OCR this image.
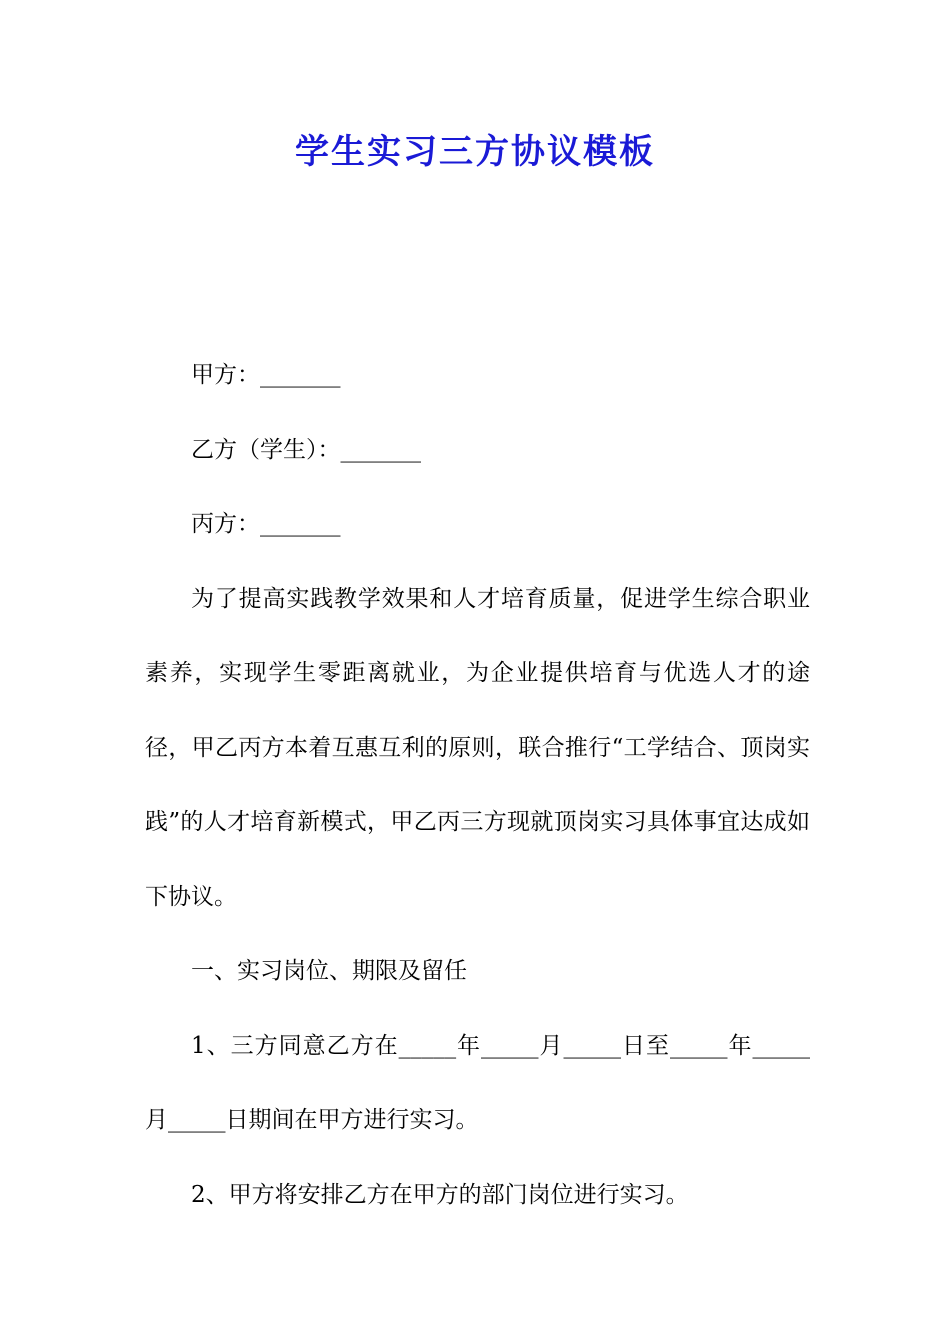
学生实习三方协议模板

甲方：_______

乙方（学生）：_______

丙方：_______

为了提高实践教学效果和人才培育质量，促进学生综合职业素养，实现学生零距离就业，为企业提供培育与优选人才的途径，甲乙丙方本着互惠互利的原则，联合推行“工学结合、顶岗实践”的人才培育新模式，甲乙丙三方现就顶岗实习具体事宜达成如下协议。

一、实习岗位、期限及留任

1、三方同意乙方在_____年_____月_____日至_____年_____月_____日期间在甲方进行实习。

2、甲方将安排乙方在甲方的部门岗位进行实习。
